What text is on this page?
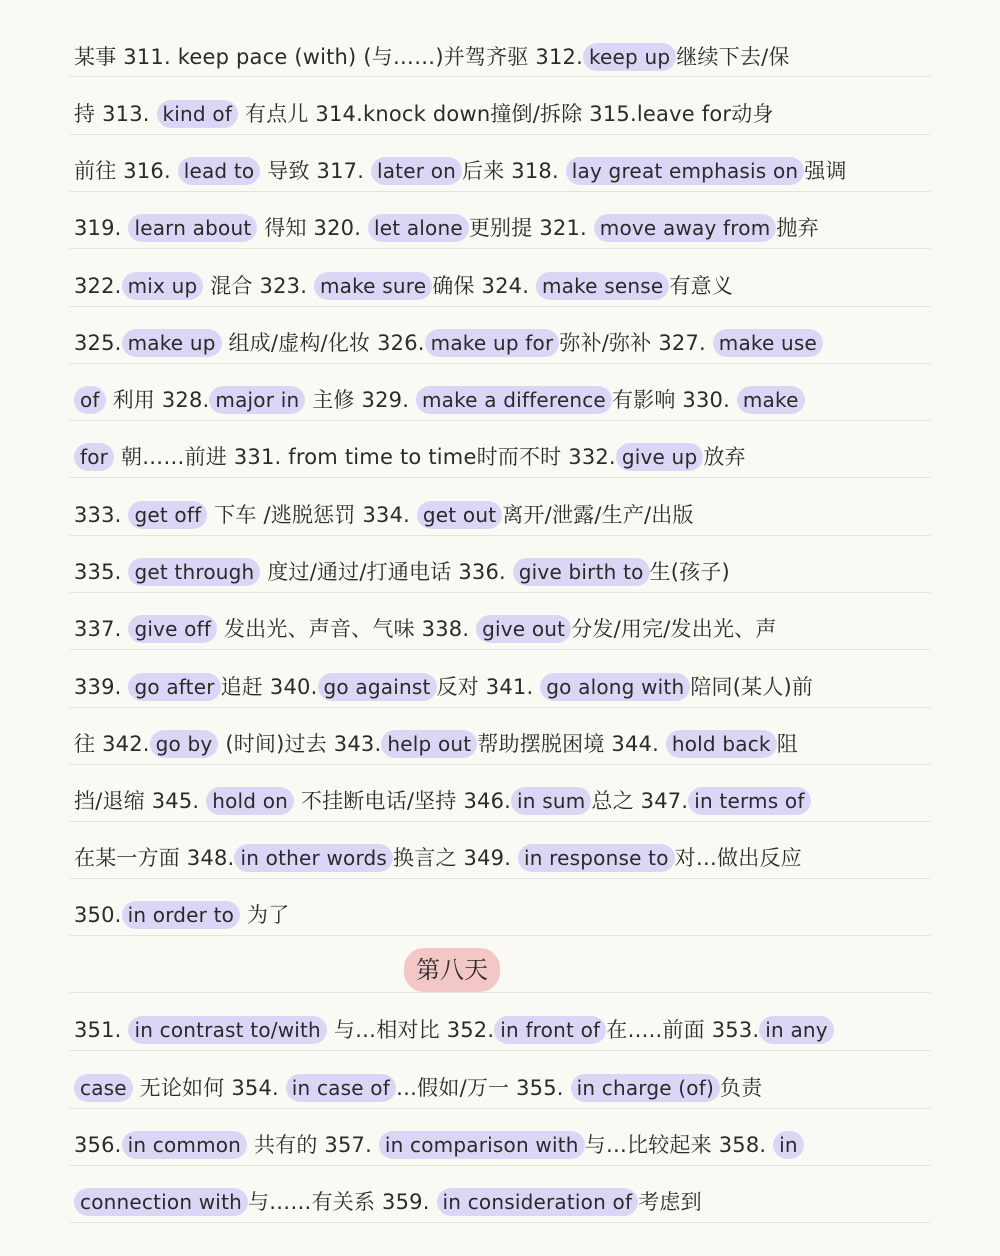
某事 311. keep pace (with) (与……)并驾齐驱 312. keep up 继续下去/保
持 313. kind of 有点儿 314.knock down撞倒/拆除 315.leave for动身
前往 316. lead to 导致 317. later on 后来 318. lay great emphasis on 强调
319. learn about 得知 320. let alone 更别提 321. move away from 抛弃
322. mix up 混合 323. make sure 确保 324. make sense 有意义
325. make up 组成/虚构/化妆 326. make up for 弥补/弥补 327. make use
of 利用 328. major in 主修 329. make a difference 有影响 330. make
for 朝……前进 331. from time to time时而不时 332. give up 放弃
333. get off 下车 /逃脱惩罚 334. get out 离开/泄露/生产/出版
335. get through 度过/通过/打通电话 336. give birth to 生(孩子)
337. give off 发出光、声音、气味 338. give out 分发/用完/发出光、声
339. go after 追赶 340. go against 反对 341. go along with 陪同(某人)前
往 342. go by (时间)过去 343. help out 帮助摆脱困境 344. hold back 阻
挡/退缩 345. hold on 不挂断电话/坚持 346. in sum 总之 347. in terms of
在某一方面 348. in other words 换言之 349. in response to 对…做出反应
350. in order to 为了
第八天
351. in contrast to/with 与…相对比 352. in front of 在…..前面 353. in any
case 无论如何 354. in case of …假如/万一 355. in charge (of) 负责
356. in common 共有的 357. in comparison with 与…比较起来 358. in
connection with 与……有关系 359. in consideration of 考虑到
